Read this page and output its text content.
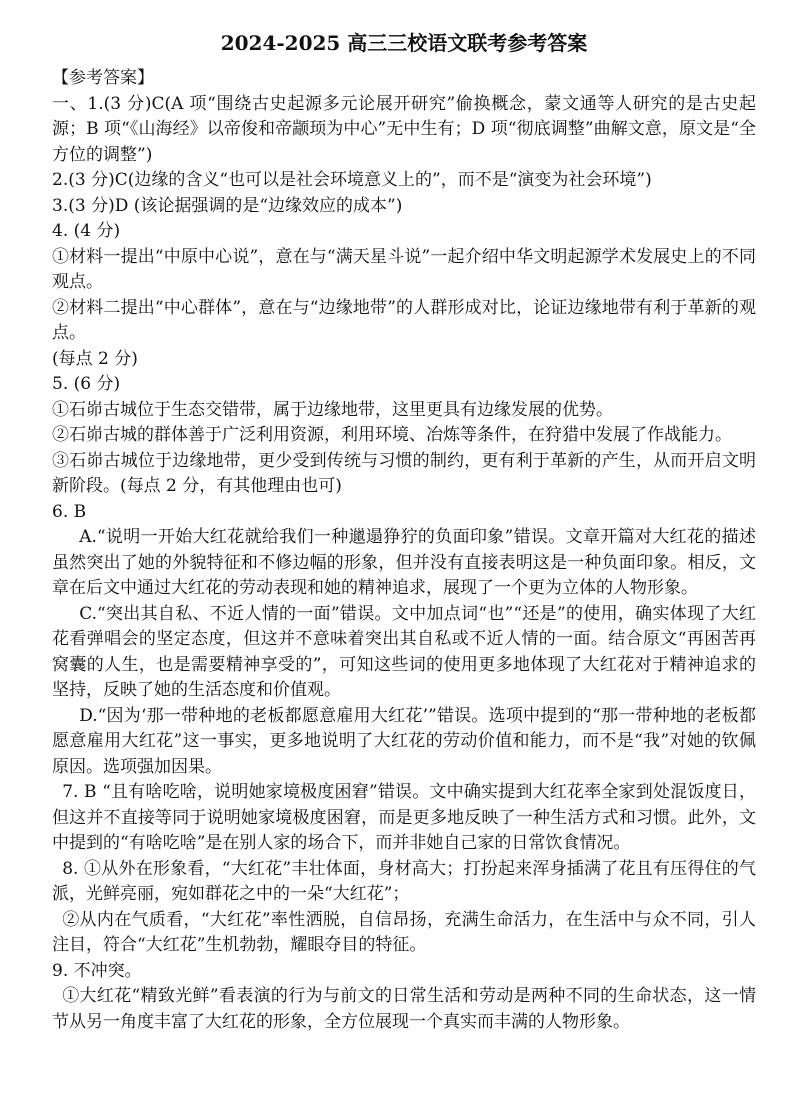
2024-2025 高三三校语文联考参考答案

【参考答案】

一、1.(3 分)C(A 项“围绕古史起源多元论展开研究”偷换概念，蒙文通等人研究的是古史起源；B 项“《山海经》以帝俊和帝颛顼为中心”无中生有；D 项“彻底调整”曲解文意，原文是“全方位的调整”)

2.(3 分)C(边缘的含义“也可以是社会环境意义上的”，而不是“演变为社会环境”)

3.(3 分)D (该论据强调的是“边缘效应的成本”)

4. (4 分)

①材料一提出“中原中心说”，意在与“满天星斗说”一起介绍中华文明起源学术发展史上的不同观点。

②材料二提出“中心群体”，意在与“边缘地带”的人群形成对比，论证边缘地带有利于革新的观点。

(每点 2 分)

5. (6 分)

①石峁古城位于生态交错带，属于边缘地带，这里更具有边缘发展的优势。

②石峁古城的群体善于广泛利用资源，利用环境、冶炼等条件，在狩猎中发展了作战能力。

③石峁古城位于边缘地带，更少受到传统与习惯的制约，更有利于革新的产生，从而开启文明新阶段。(每点 2 分，有其他理由也可)

6. B

A.“说明一开始大红花就给我们一种邋遢狰狞的负面印象”错误。文章开篇对大红花的描述虽然突出了她的外貌特征和不修边幅的形象，但并没有直接表明这是一种负面印象。相反，文章在后文中通过大红花的劳动表现和她的精神追求，展现了一个更为立体的人物形象。

C.“突出其自私、不近人情的一面”错误。文中加点词“也”“还是”的使用，确实体现了大红花看弹唱会的坚定态度，但这并不意味着突出其自私或不近人情的一面。结合原文“再困苦再窝囊的人生，也是需要精神享受的”，可知这些词的使用更多地体现了大红花对于精神追求的坚持，反映了她的生活态度和价值观。

D.“因为‘那一带种地的老板都愿意雇用大红花’”错误。选项中提到的“那一带种地的老板都愿意雇用大红花”这一事实，更多地说明了大红花的劳动价值和能力，而不是“我”对她的钦佩原因。选项强加因果。

7. B “且有啥吃啥，说明她家境极度困窘”错误。文中确实提到大红花率全家到处混饭度日，但这并不直接等同于说明她家境极度困窘，而是更多地反映了一种生活方式和习惯。此外，文中提到的“有啥吃啥”是在别人家的场合下，而并非她自己家的日常饮食情况。

8. ①从外在形象看，“大红花”丰壮体面，身材高大；打扮起来浑身插满了花且有压得住的气派，光鲜亮丽，宛如群花之中的一朵“大红花”；

②从内在气质看，“大红花”率性洒脱，自信昂扬，充满生命活力，在生活中与众不同，引人注目，符合“大红花”生机勃勃，耀眼夺目的特征。

9. 不冲突。

①大红花“精致光鲜”看表演的行为与前文的日常生活和劳动是两种不同的生命状态，这一情节从另一角度丰富了大红花的形象，全方位展现一个真实而丰满的人物形象。
